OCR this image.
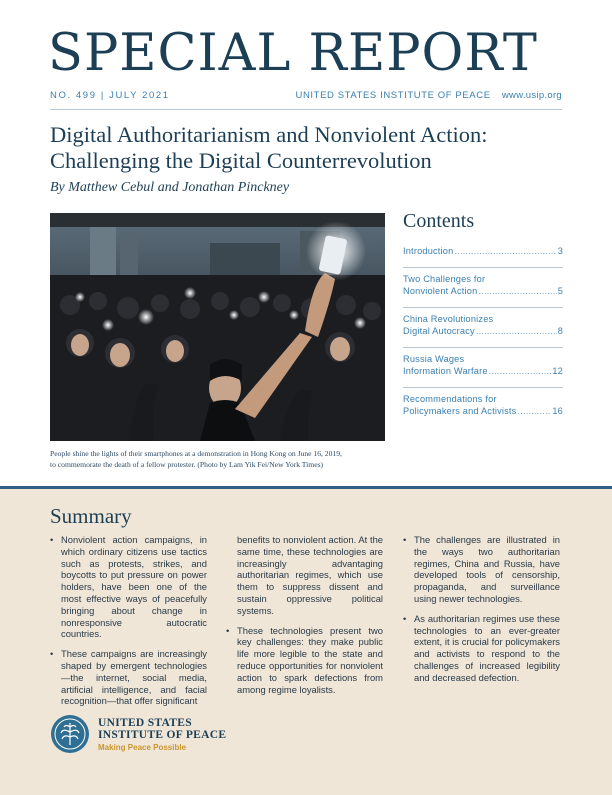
SPECIAL REPORT
NO. 499 | JULY 2021	UNITED STATES INSTITUTE OF PEACE www.usip.org
Digital Authoritarianism and Nonviolent Action:
Challenging the Digital Counterrevolution
By Matthew Cebul and Jonathan Pinckney
People shine the lights of their smartphones at a demonstration in Hong Kong on June 16, 2019,
to commemorate the death of a fellow protester. (Photo by Lam Yik Fei/New York Times)
Contents
Introduction .....	3
Two Challenges for
Nonviolent Action .....	5
China Revolutionizes
Digital Autocracy .....	8
Russia Wages
Information Warfare .....	12
Recommendations for
Policymakers and Activists .....	16
Summary
• Nonviolent action campaigns, in which ordinary citizens use tactics such as protests, strikes, and boycotts to put pressure on power holders, have been one of the most effective ways of peacefully bringing about change in nonresponsive autocratic countries.
• These campaigns are increasingly shaped by emergent technologies—the internet, social media, artificial intelligence, and facial recognition—that offer significant
benefits to nonviolent action. At the same time, these technologies are increasingly advantaging authoritarian regimes, which use them to suppress dissent and sustain oppressive political systems.
• These technologies present two key challenges: they make public life more legible to the state and reduce opportunities for nonviolent action to spark defections from among regime loyalists.
• The challenges are illustrated in the ways two authoritarian regimes, China and Russia, have developed tools of censorship, propaganda, and surveillance using newer technologies.
• As authoritarian regimes use these technologies to an ever-greater extent, it is crucial for policymakers and activists to respond to the challenges of increased legibility and decreased defection.
UNITED STATES
INSTITUTE OF PEACE
Making Peace Possible
